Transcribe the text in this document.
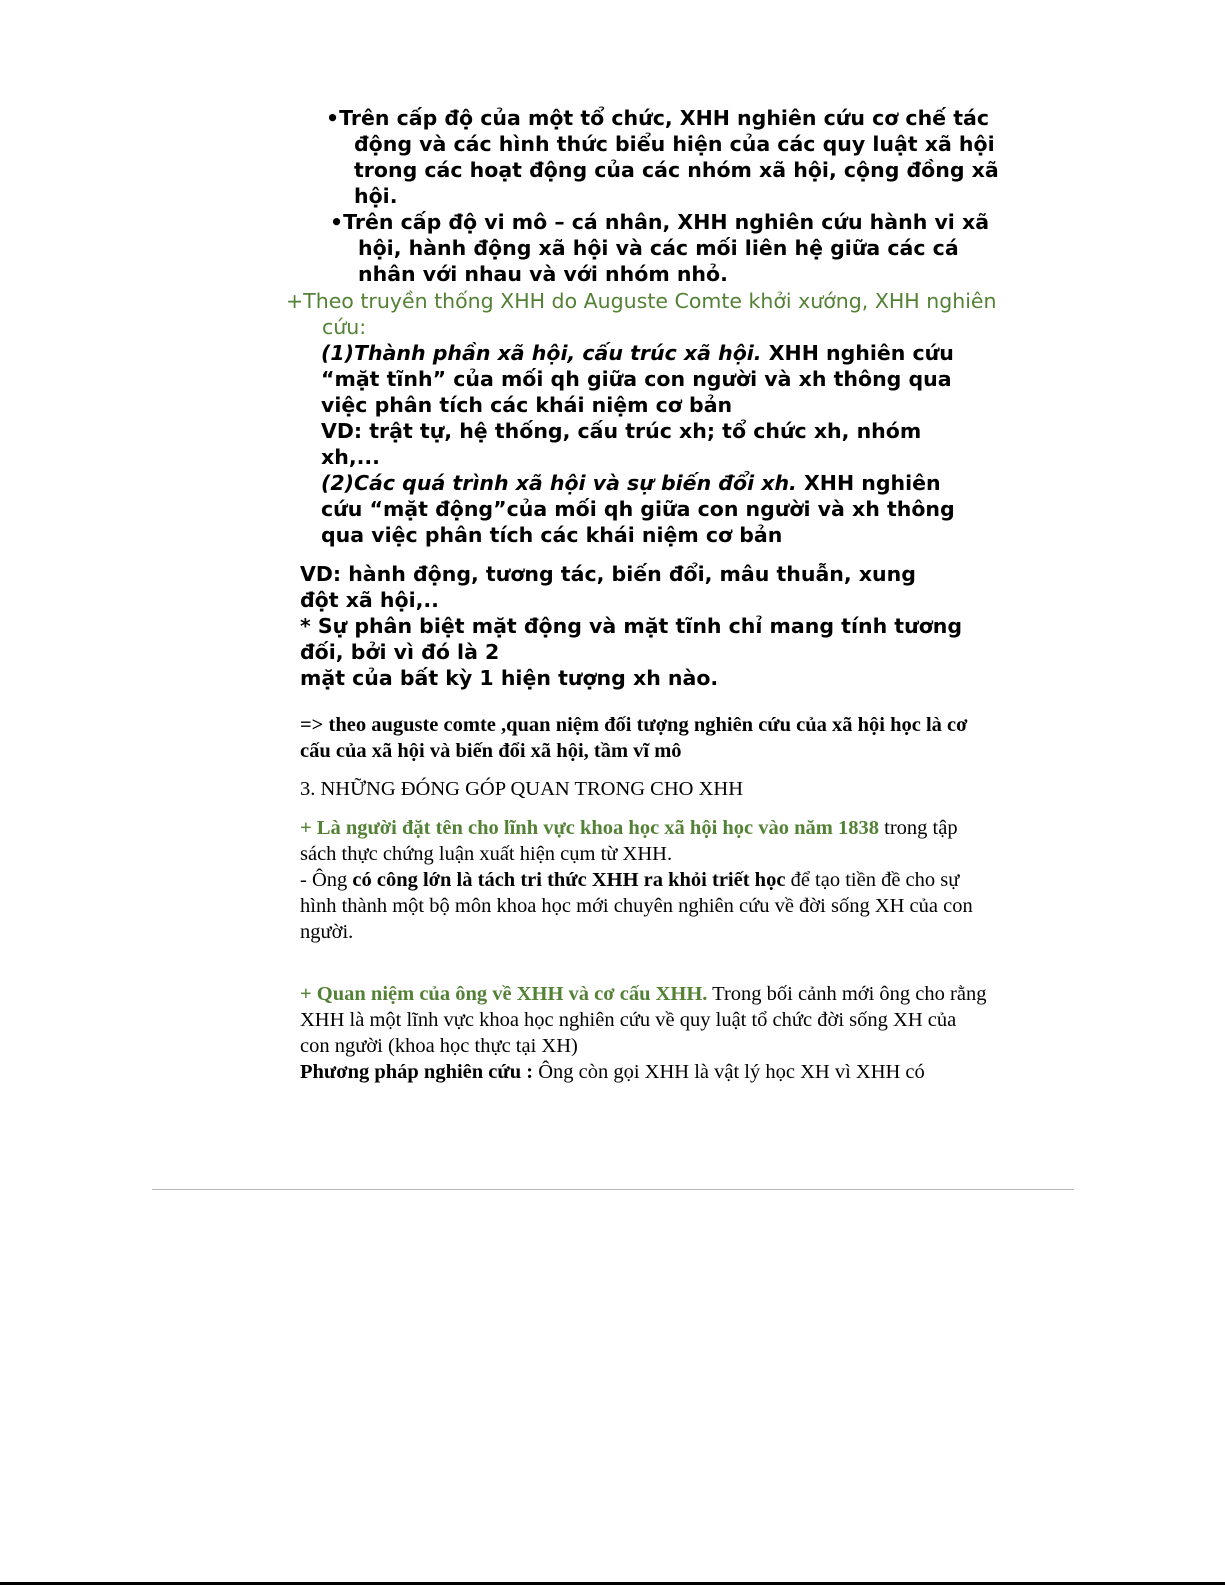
•Trên cấp độ của một tổ chức, XHH nghiên cứu cơ chế tác động và các hình thức biểu hiện của các quy luật xã hội trong các hoạt động của các nhóm xã hội, cộng đồng xã hội.

•Trên cấp độ vi mô – cá nhân, XHH nghiên cứu hành vi xã hội, hành động xã hội và các mối liên hệ giữa các cá nhân với nhau và với nhóm nhỏ.

+Theo truyền thống XHH do Auguste Comte khởi xướng, XHH nghiên cứu:

(1)Thành phần xã hội, cấu trúc xã hội. XHH nghiên cứu “mặt tĩnh” của mối qh giữa con người và xh thông qua việc phân tích các khái niệm cơ bản

VD: trật tự, hệ thống, cấu trúc xh; tổ chức xh, nhóm xh,...

(2)Các quá trình xã hội và sự biến đổi xh. XHH nghiên cứu “mặt động”của mối qh giữa con người và xh thông qua việc phân tích các khái niệm cơ bản

VD: hành động, tương tác, biến đổi, mâu thuẫn, xung đột xã hội,..

* Sự phân biệt mặt động và mặt tĩnh chỉ mang tính tương đối, bởi vì đó là 2
mặt của bất kỳ 1 hiện tượng xh nào.

=> theo auguste comte ,quan niệm đối tượng nghiên cứu của xã hội học là cơ cấu của xã hội và biến đổi xã hội, tầm vĩ mô

3. NHỮNG ĐÓNG GÓP QUAN TRONG CHO XHH

+ Là người đặt tên cho lĩnh vực khoa học xã hội học vào năm 1838 trong tập sách thực chứng luận xuất hiện cụm từ XHH.

- Ông có công lớn là tách tri thức XHH ra khỏi triết học để tạo tiền đề cho sự hình thành một bộ môn khoa học mới chuyên nghiên cứu về đời sống XH của con người.

+ Quan niệm của ông về XHH và cơ cấu XHH. Trong bối cảnh mới ông cho rằng XHH là một lĩnh vực khoa học nghiên cứu về quy luật tổ chức đời sống XH của con người (khoa học thực tại XH)

Phương pháp nghiên cứu : Ông còn gọi XHH là vật lý học XH vì XHH có
